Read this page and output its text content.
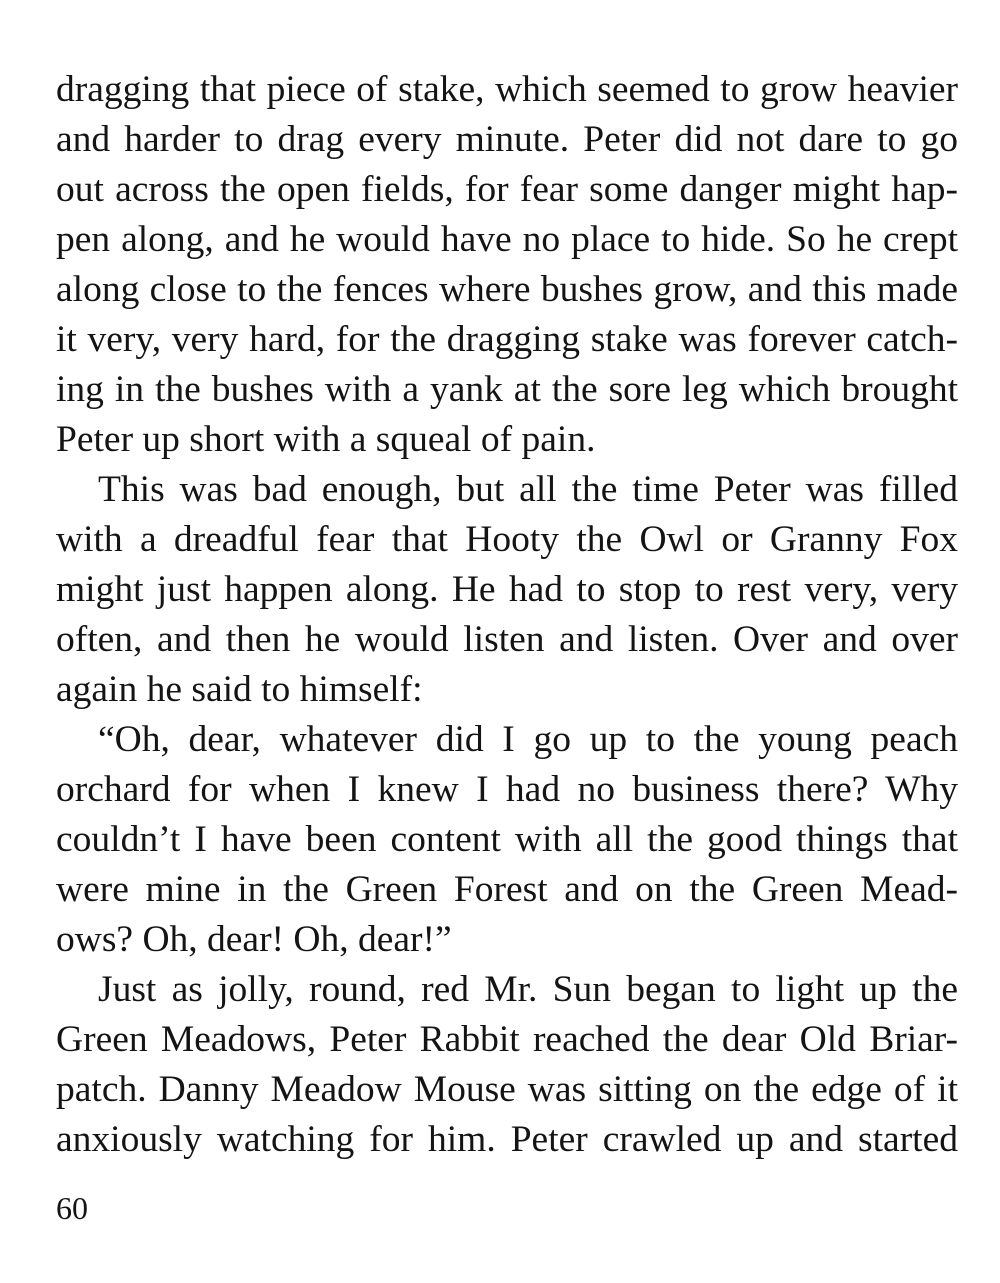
dragging that piece of stake, which seemed to grow heavier
and harder to drag every minute. Peter did not dare to go
out across the open fields, for fear some danger might hap-
pen along, and he would have no place to hide. So he crept
along close to the fences where bushes grow, and this made
it very, very hard, for the dragging stake was forever catch-
ing in the bushes with a yank at the sore leg which brought
Peter up short with a squeal of pain.
This was bad enough, but all the time Peter was filled
with a dreadful fear that Hooty the Owl or Granny Fox
might just happen along. He had to stop to rest very, very
often, and then he would listen and listen. Over and over
again he said to himself:
“Oh, dear, whatever did I go up to the young peach
orchard for when I knew I had no business there? Why
couldn’t I have been content with all the good things that
were mine in the Green Forest and on the Green Mead-
ows? Oh, dear! Oh, dear!”
Just as jolly, round, red Mr. Sun began to light up the
Green Meadows, Peter Rabbit reached the dear Old Briar-
patch. Danny Meadow Mouse was sitting on the edge of it
anxiously watching for him. Peter crawled up and started
60
